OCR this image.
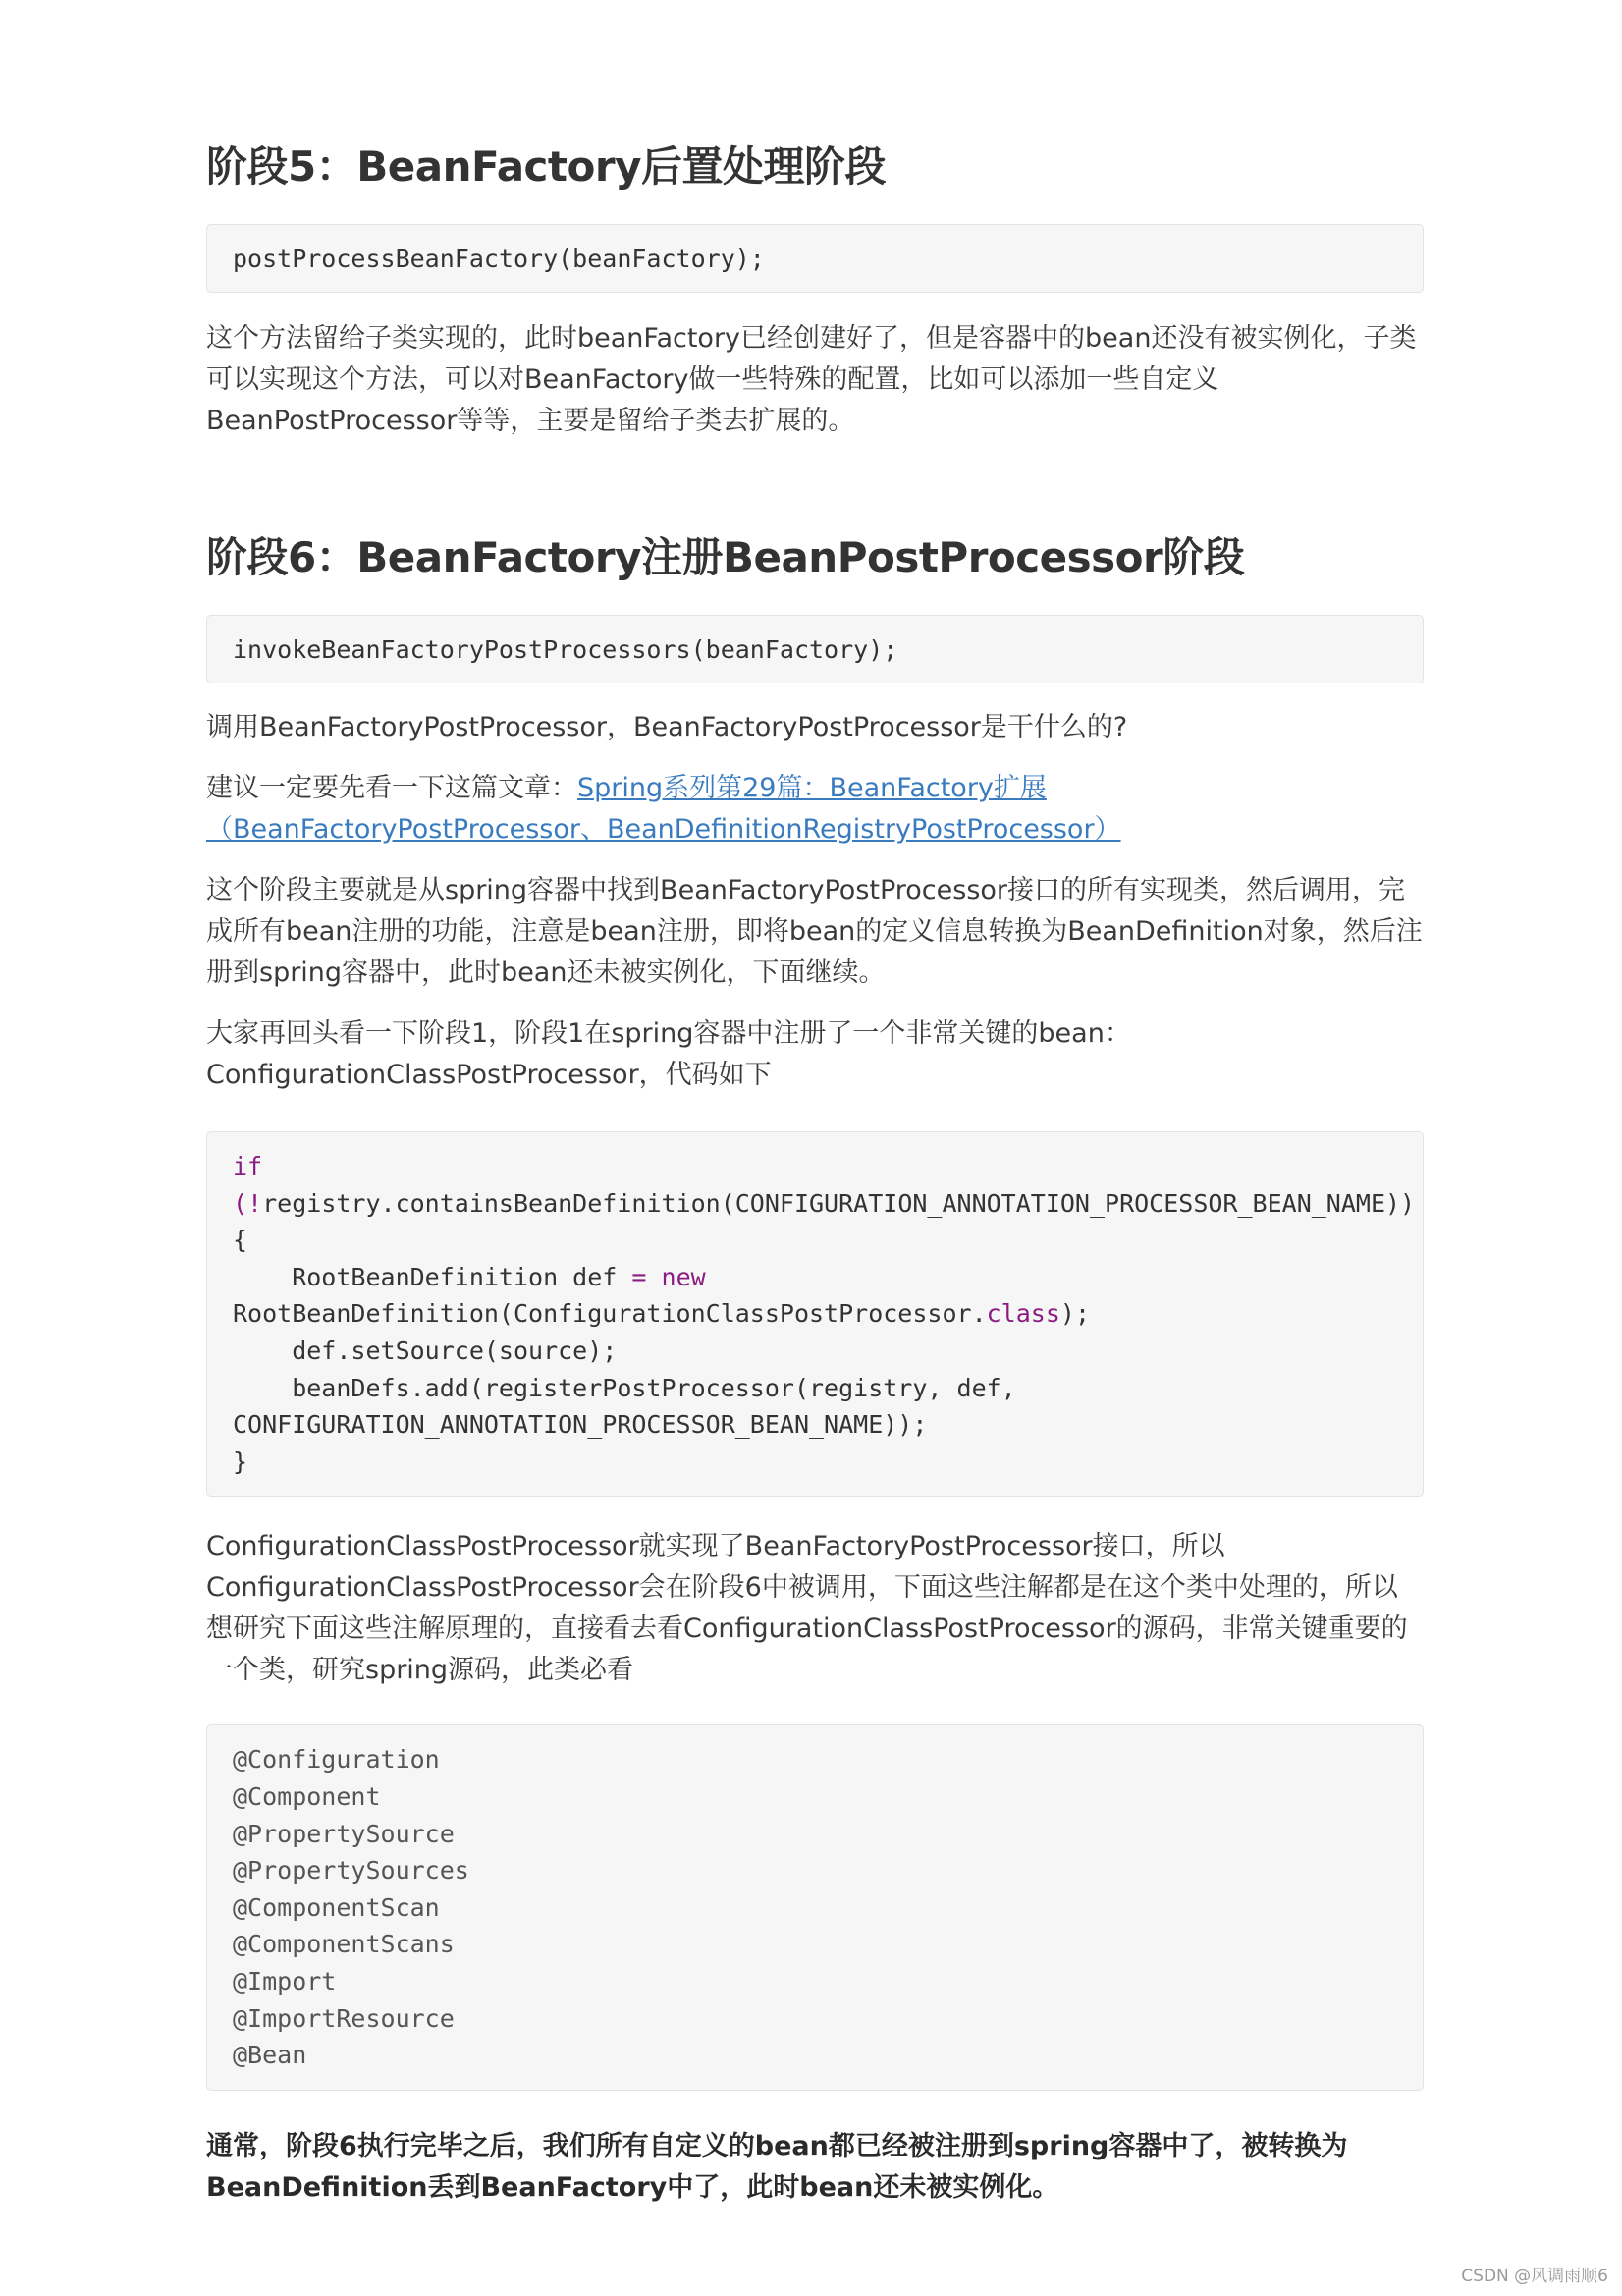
阶段5：BeanFactory后置处理阶段
postProcessBeanFactory(beanFactory);

这个方法留给子类实现的，此时beanFactory已经创建好了，但是容器中的bean还没有被实例化，子类可以实现这个方法，可以对BeanFactory做一些特殊的配置，比如可以添加一些自定义BeanPostProcessor等等，主要是留给子类去扩展的。

阶段6：BeanFactory注册BeanPostProcessor阶段
invokeBeanFactoryPostProcessors(beanFactory);

调用BeanFactoryPostProcessor，BeanFactoryPostProcessor是干什么的?

建议一定要先看一下这篇文章：Spring系列第29篇：BeanFactory扩展（BeanFactoryPostProcessor、BeanDefinitionRegistryPostProcessor）

这个阶段主要就是从spring容器中找到BeanFactoryPostProcessor接口的所有实现类，然后调用，完成所有bean注册的功能，注意是bean注册，即将bean的定义信息转换为BeanDefinition对象，然后注册到spring容器中，此时bean还未被实例化，下面继续。

大家再回头看一下阶段1，阶段1在spring容器中注册了一个非常关键的bean：ConfigurationClassPostProcessor，代码如下

if
(!registry.containsBeanDefinition(CONFIGURATION_ANNOTATION_PROCESSOR_BEAN_NAME))
{
RootBeanDefinition def = new
RootBeanDefinition(ConfigurationClassPostProcessor.class);
def.setSource(source);
beanDefs.add(registerPostProcessor(registry, def,
CONFIGURATION_ANNOTATION_PROCESSOR_BEAN_NAME));
}

ConfigurationClassPostProcessor就实现了BeanFactoryPostProcessor接口，所以ConfigurationClassPostProcessor会在阶段6中被调用，下面这些注解都是在这个类中处理的，所以想研究下面这些注解原理的，直接看去看ConfigurationClassPostProcessor的源码，非常关键重要的一个类，研究spring源码，此类必看

@Configuration
@Component
@PropertySource
@PropertySources
@ComponentScan
@ComponentScans
@Import
@ImportResource
@Bean

通常，阶段6执行完毕之后，我们所有自定义的bean都已经被注册到spring容器中了，被转换为BeanDefinition丢到BeanFactory中了，此时bean还未被实例化。

CSDN @风调雨顺6
